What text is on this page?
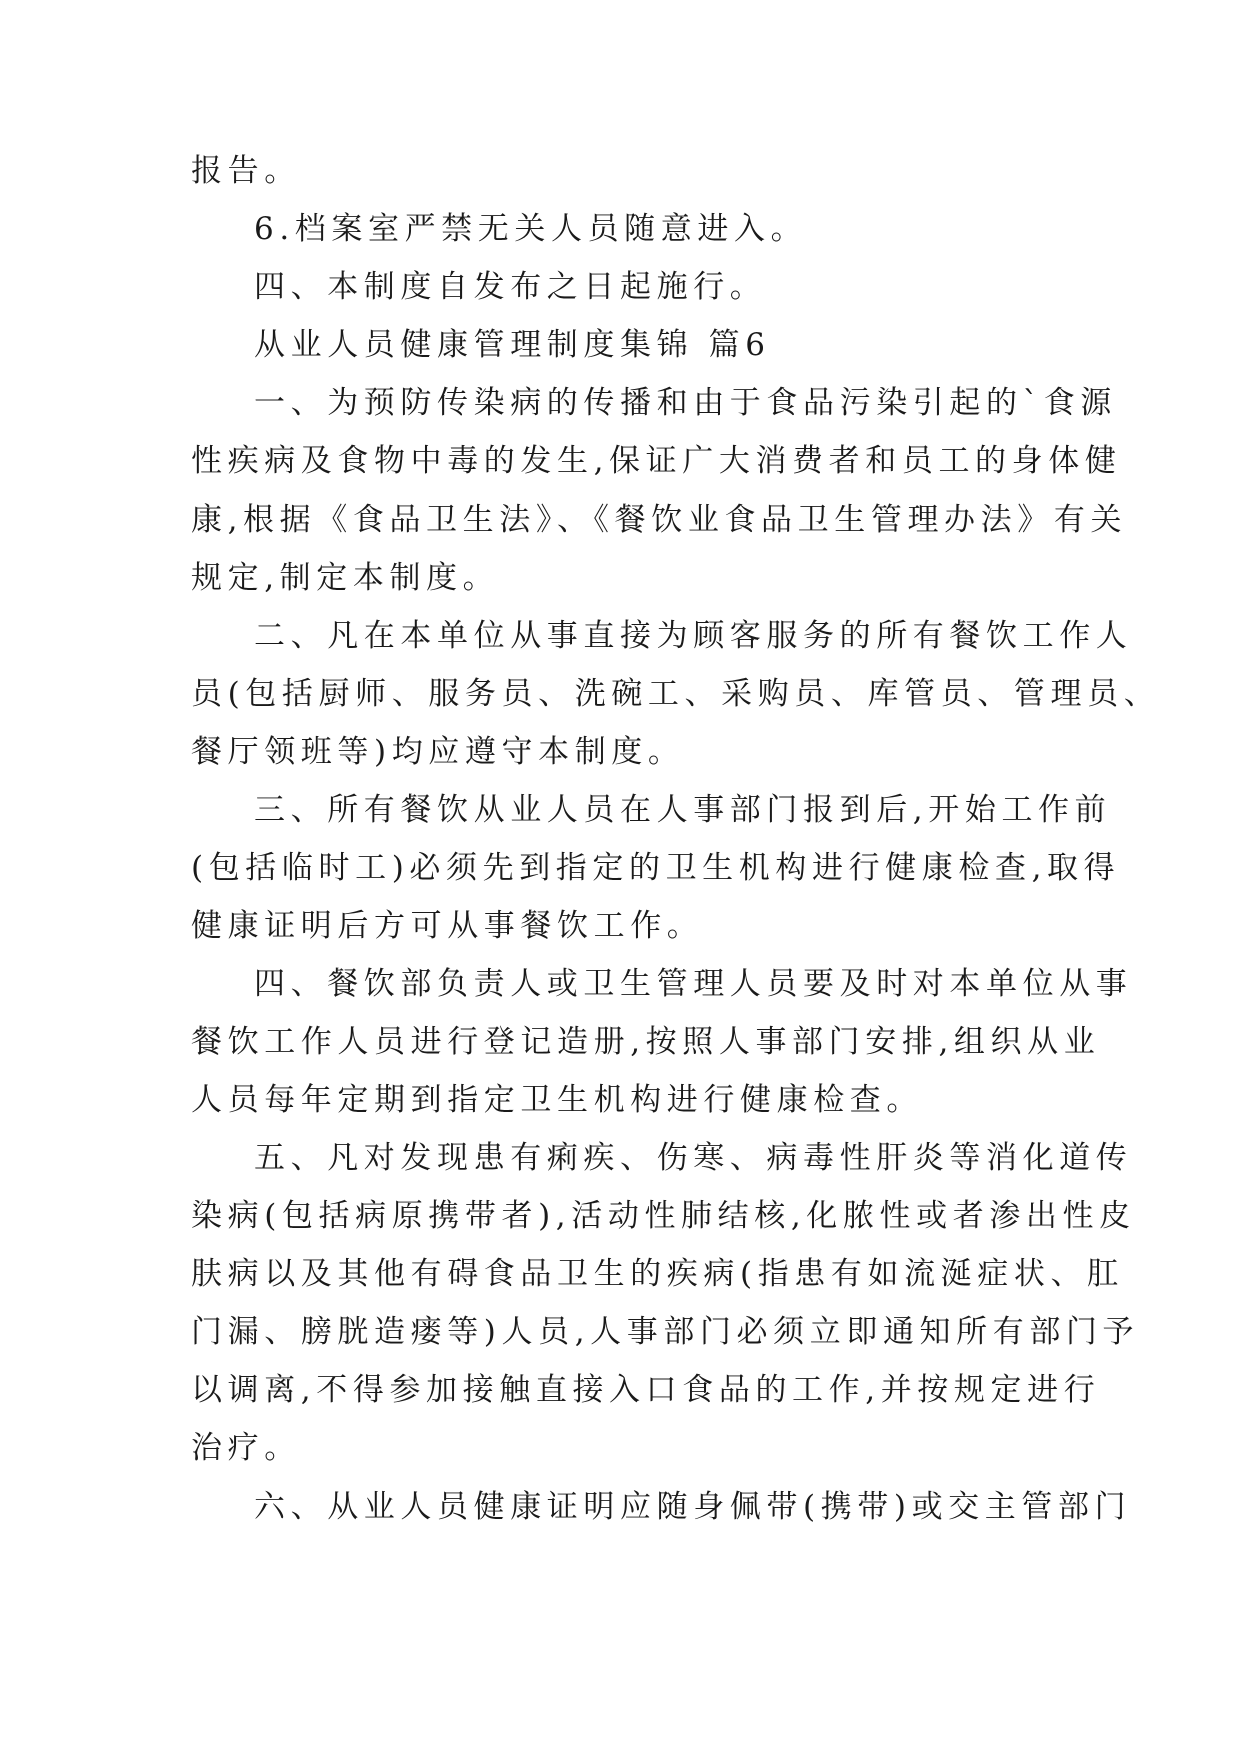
报告。
6.档案室严禁无关人员随意进入。
四、本制度自发布之日起施行。
从业人员健康管理制度集锦 篇6
一、为预防传染病的传播和由于食品污染引起的`食源
性疾病及食物中毒的发生,保证广大消费者和员工的身体健
康,根据《食品卫生法》、《餐饮业食品卫生管理办法》有关
规定,制定本制度。
二、凡在本单位从事直接为顾客服务的所有餐饮工作人
员(包括厨师、服务员、洗碗工、采购员、库管员、管理员、
餐厅领班等)均应遵守本制度。
三、所有餐饮从业人员在人事部门报到后,开始工作前
(包括临时工)必须先到指定的卫生机构进行健康检查,取得
健康证明后方可从事餐饮工作。
四、餐饮部负责人或卫生管理人员要及时对本单位从事
餐饮工作人员进行登记造册,按照人事部门安排,组织从业
人员每年定期到指定卫生机构进行健康检查。
五、凡对发现患有痢疾、伤寒、病毒性肝炎等消化道传
染病(包括病原携带者),活动性肺结核,化脓性或者渗出性皮
肤病以及其他有碍食品卫生的疾病(指患有如流涎症状、肛
门漏、膀胱造瘘等)人员,人事部门必须立即通知所有部门予
以调离,不得参加接触直接入口食品的工作,并按规定进行
治疗。
六、从业人员健康证明应随身佩带(携带)或交主管部门
